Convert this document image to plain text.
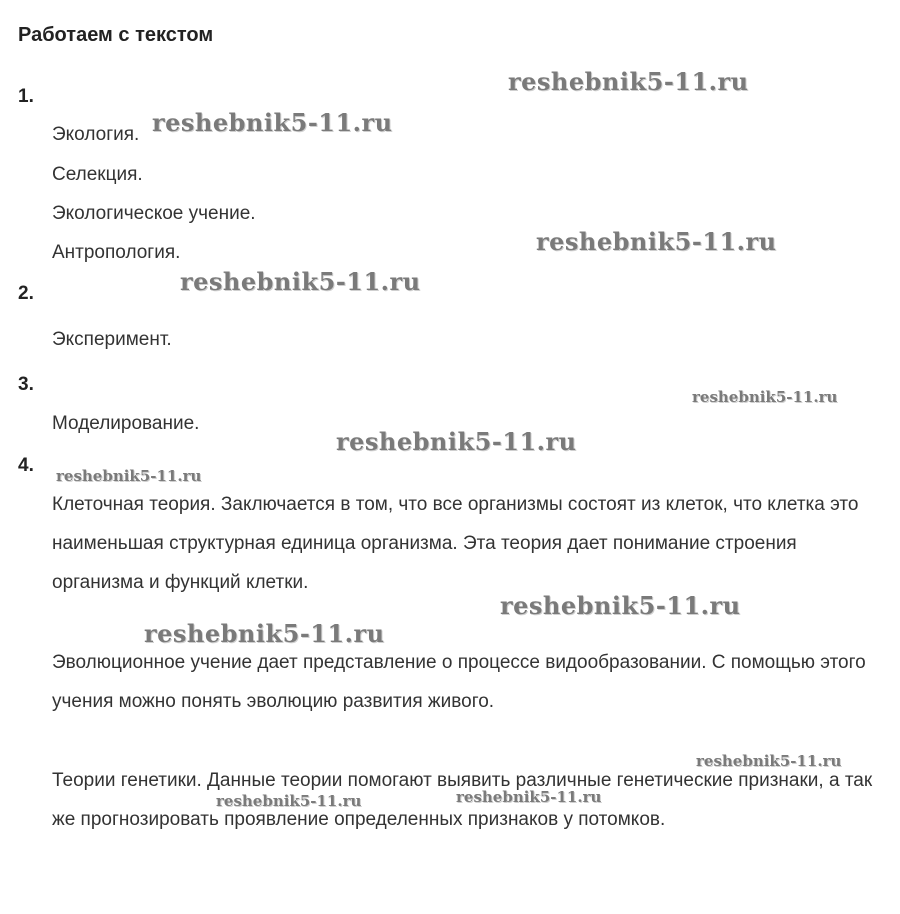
Работаем с текстом
1.
Экология.
Селекция.
Экологическое учение.
Антропология.
2.
Эксперимент.
3.
Моделирование.
4.

Клеточная теория. Заключается в том, что все организмы состоят из клеток, что клетка это наименьшая структурная единица организма. Эта теория дает понимание строения организма и функций клетки.

Эволюционное учение дает представление о процессе видообразовании. С помощью этого учения можно понять эволюцию развития живого.

Теории генетики. Данные теории помогают выявить различные генетические признаки, а так же прогнозировать проявление определенных признаков у потомков.

reshebnik5-11.ru
reshebnik5-11.ru
reshebnik5-11.ru
reshebnik5-11.ru
reshebnik5-11.ru
reshebnik5-11.ru
reshebnik5-11.ru
reshebnik5-11.ru
reshebnik5-11.ru
reshebnik5-11.ru
reshebnik5-11.ru	reshebnik5-11.ru
